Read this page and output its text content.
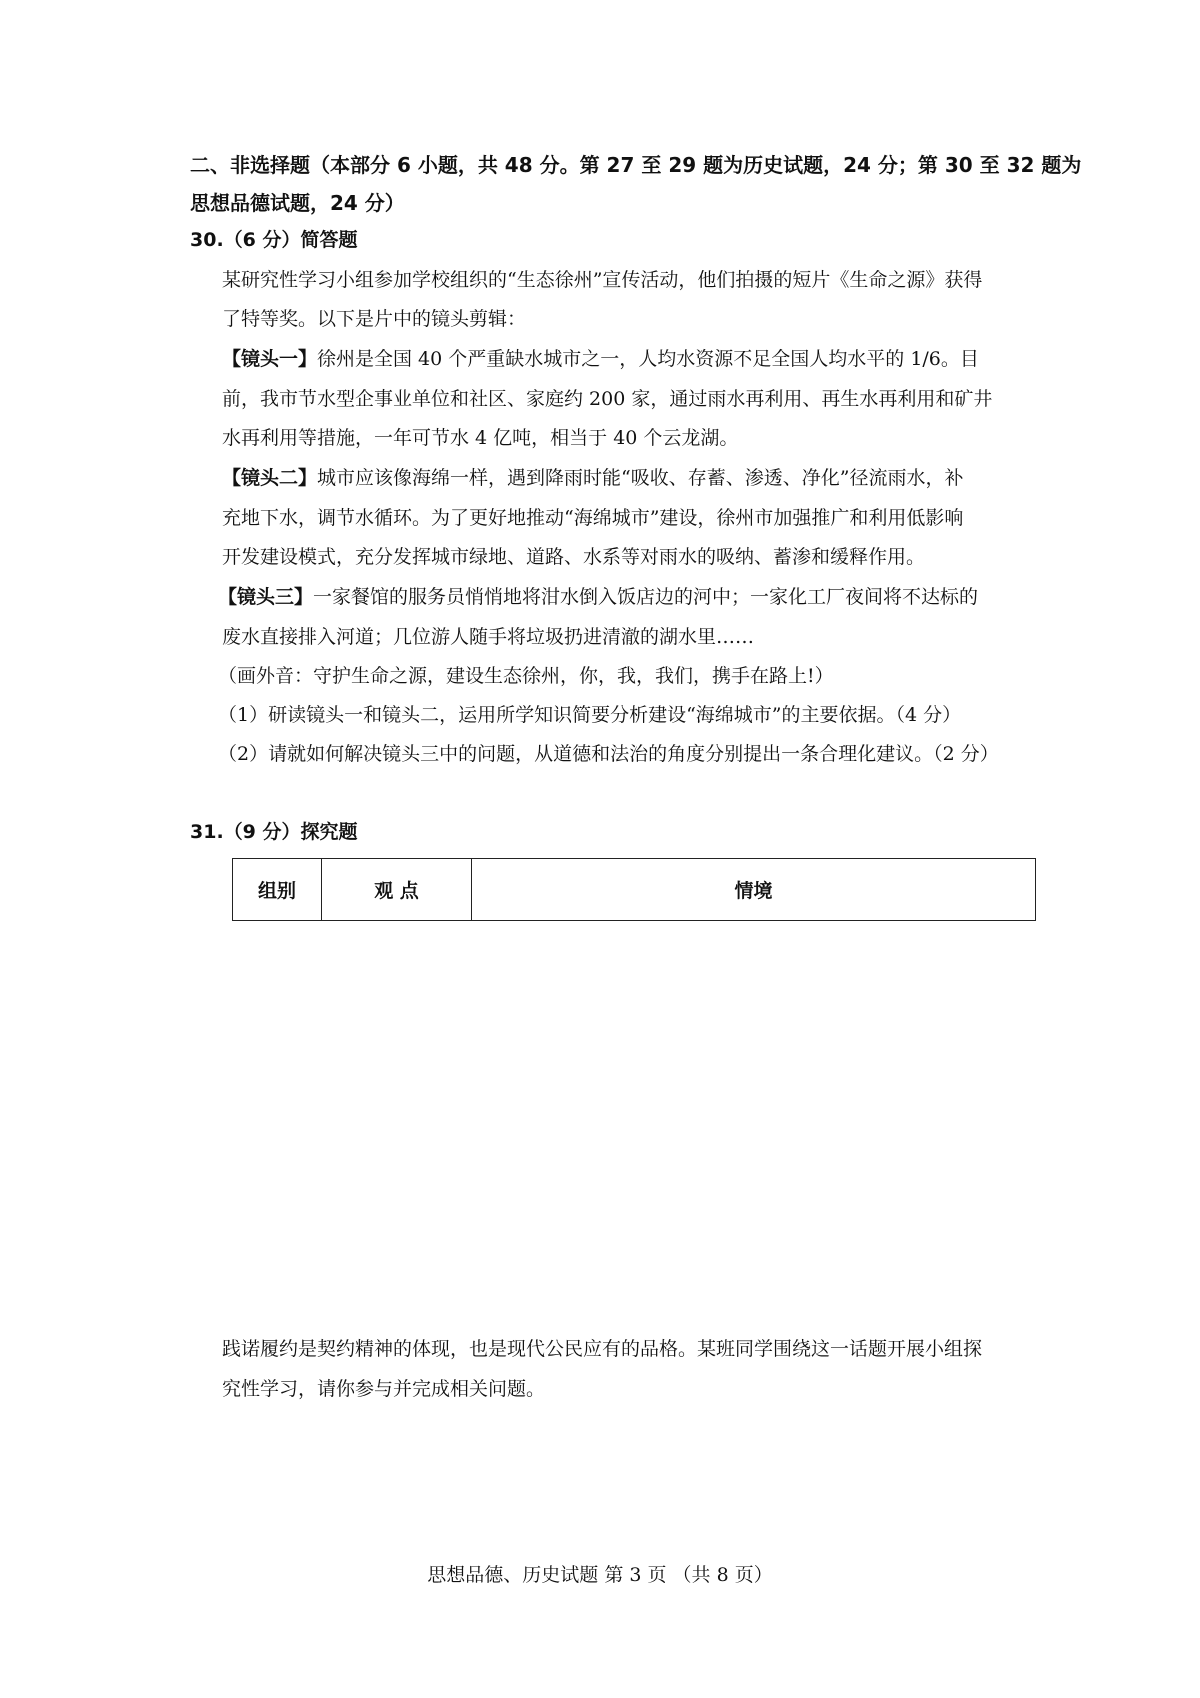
二、非选择题（本部分 6 小题，共 48 分。第 27 至 29 题为历史试题，24 分；第 30 至 32 题为
思想品德试题，24 分）
30.（6 分）简答题
某研究性学习小组参加学校组织的“生态徐州”宣传活动，他们拍摄的短片《生命之源》获得
了特等奖。以下是片中的镜头剪辑：
【镜头一】徐州是全国 40 个严重缺水城市之一，人均水资源不足全国人均水平的 1/6。目
前，我市节水型企事业单位和社区、家庭约 200 家，通过雨水再利用、再生水再利用和矿井
水再利用等措施，一年可节水 4 亿吨，相当于 40 个云龙湖。
【镜头二】城市应该像海绵一样，遇到降雨时能“吸收、存蓄、渗透、净化”径流雨水，补
充地下水，调节水循环。为了更好地推动“海绵城市”建设，徐州市加强推广和利用低影响
开发建设模式，充分发挥城市绿地、道路、水系等对雨水的吸纳、蓄渗和缓释作用。
【镜头三】一家餐馆的服务员悄悄地将泔水倒入饭店边的河中；一家化工厂夜间将不达标的
废水直接排入河道；几位游人随手将垃圾扔进清澈的湖水里……
（画外音：守护生命之源，建设生态徐州，你，我，我们，携手在路上!）
（1）研读镜头一和镜头二，运用所学知识简要分析建设“海绵城市”的主要依据。（4 分）
（2）请就如何解决镜头三中的问题，从道德和法治的角度分别提出一条合理化建议。（2 分）
31.（9 分）探究题
组别	观 点	情境
践诺履约是契约精神的体现，也是现代公民应有的品格。某班同学围绕这一话题开展小组探
究性学习，请你参与并完成相关问题。
思想品德、历史试题 第 3 页 （共 8 页）
